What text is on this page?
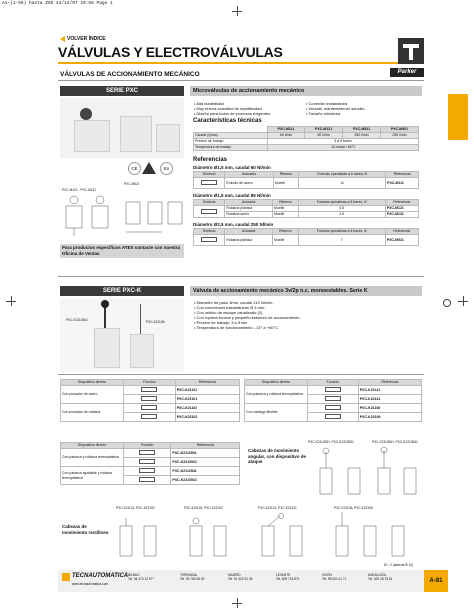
A1-(1-55) hasta ZSO 24/12/07 10:58 Page 1
VOLVER ÍNDICE
VÁLVULAS Y ELECTROVÁLVULAS
VÁLVULAS DE ACCIONAMIENTO MECÁNICO	Parker
SERIE PXC
CE	Ex
PXC-M121 · PXC-M131
PXC-M521
Para productos específicos ATEX contacte con nuestra Oficina de Ventas
Microválvulas de accionamiento mecánico
• Alta durabilidad
• Muy buena exactitud de repetitividad
• Diseño para todos de procesos exigentes
• Conexión instantánea
• Versátil, mantenimiento sencillo
• Tamaño miniatura
Características técnicas
	PXC-M111	PXC-M121	PXC-M521	PXC-M501
Caudal (Qnxa)	60 l/min	60 l/min	250 l/min	250 l/min
Presión de trabajo	3 a 8 bares			
Temperatura de trabajo	-15 hasta +60°C			
Referencias
Diámetro Ø1,5 mm, caudal 60 Nl/min
Símbolo	Actuador	Retorno	Fuerzas operativas a 6 bares, N	Referencia
	Émbolo de acero	Muelle	11	PXC-M111
Diámetro Ø1,5 mm, caudal 85 Nl/min
Símbolo	Actuador	Retorno	Fuerzas operativas a 6 bares, N	Referencia
	Roldana plástica	Muelle	4,5	PXC-M121
	Roldana acero	Muelle	4,5	PXC-M131
Diámetro Ø2,5 mm, caudal 250 Nl/min
Símbolo	Actuador	Retorno	Fuerzas operativas a 6 bares, N	Referencia
	Roldana plástica	Muelle	7	PXC-M521
SERIE PXC-K	Válvula de accionamiento mecánico 3v/2p n.c. monoestables. Serie K
PXC-K2110541	PXC-K21106
• Diámetro de paso 3mm, caudal 210 Nl/min.
• Con conexiones instantáneas Ø 4 mm.
• Con orificio de escape canalizado (2).
• Con ruptura brusca y pequeño esfuerzo de accionamiento.
• Presión de trabajo: 3 a 9 bar.
• Temperatura de funcionamiento: -15° a +60°C.
Dispositivo directo	Función	Referencia
Con pulsador de acero		PXC-K21101
		PXC-K22101
Con pulsador de roldana		PXC-K21102
		PXC-K22102
Dispositivo directo	Función	Referencia
Con palanca y roldana termoplástica		PXC-K21121
		PXC-K22121
Con vástago flexible		PXC-K21106
		PXC-K22106
Dispositivo directo	Función	Referencia
Con palanca y roldana termoplástica		PXC-K2110531
		PXC-K2210531
Con palanca ajustable y roldana termoplástica		PXC-K2110541
		PXC-K2210541
Cabezas de movimiento angular, con dispositivo de ataque
PXC-K2110531, PXC-K2210531	PXC-K2110541, PXC-K2210541
Cabezas de movimiento rectilíneo
PXC-K21101, PXC-K22101	PXC-K21102, PXC-K22102	PXC-K21121, PXC-K22121	PXC-K21106, PXC-K22106
Ø = 2 (salerna Ø 10)
TECNAUTOMATICA
www.tecnautomatica.com
BILBAO
Tel. 94 470 12 57*
TERRASSA
Tel. 93 785 65 00
MADRID
Tel. 91 432 51 05
LEVANTE
Tel. 609 716 871
GIJÓN
Tel. 98 531 61 71
ANDALUCÍA
Tel. 629 48 75 61	A-81
